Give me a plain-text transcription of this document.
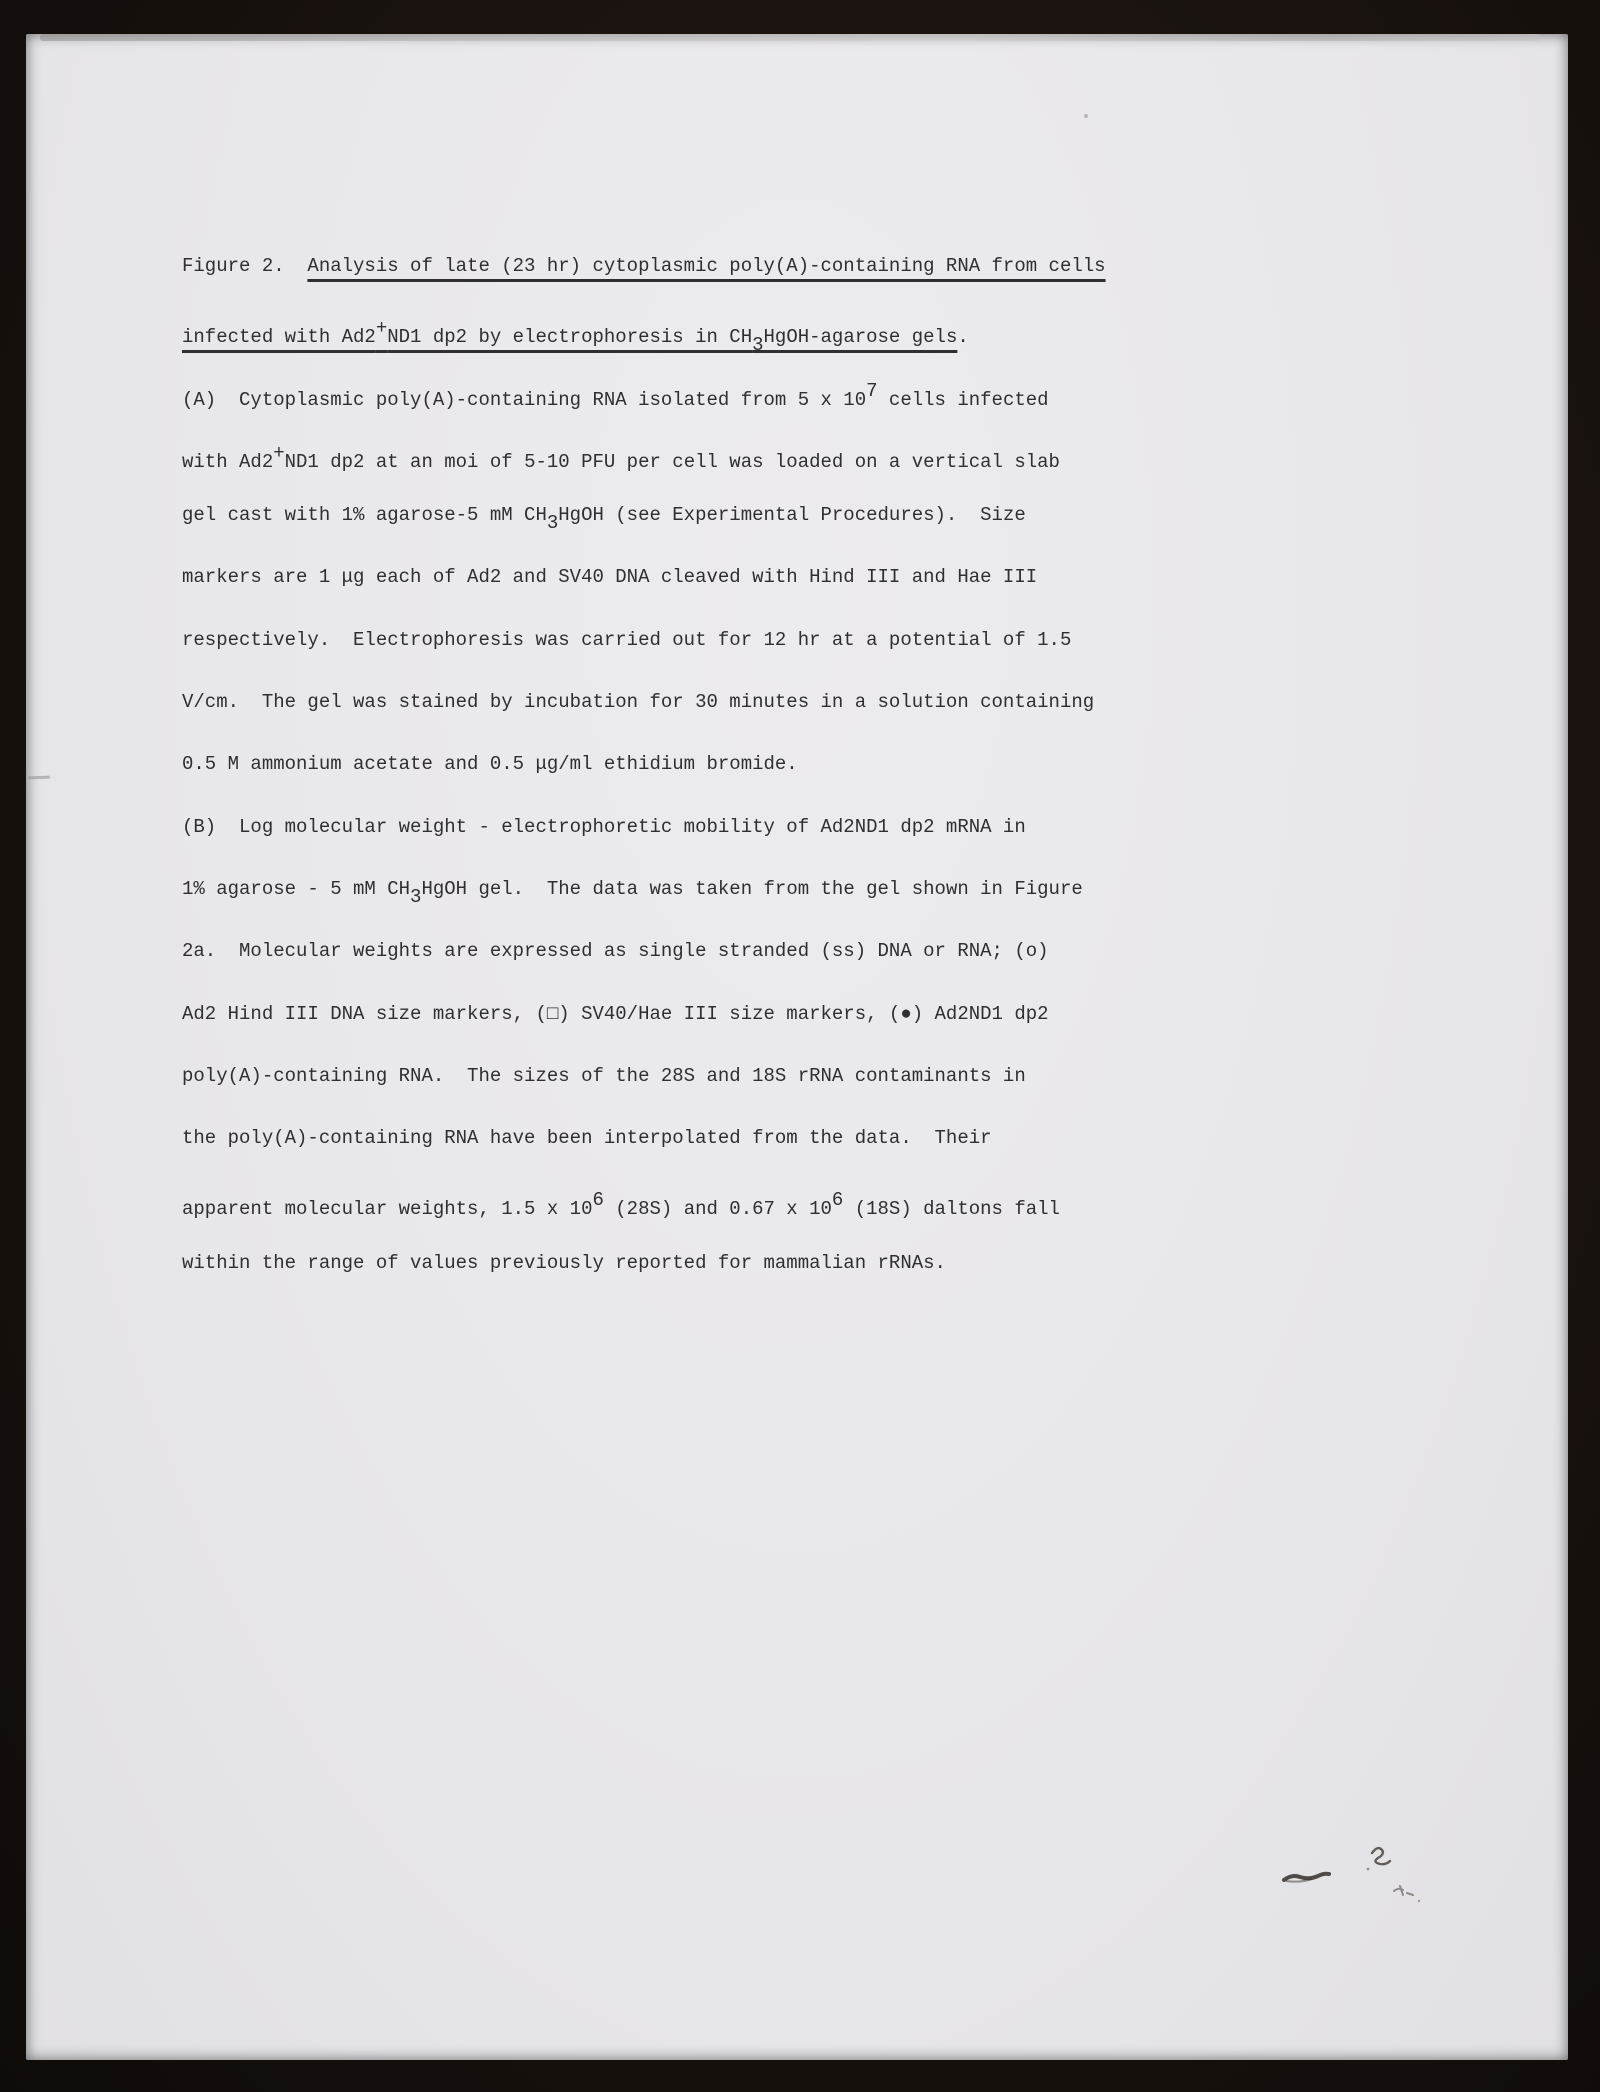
Figure 2.  Analysis of late (23 hr) cytoplasmic poly(A)-containing RNA from cells
infected with Ad2+ND1 dp2 by electrophoresis in CH3HgOH-agarose gels.
(A)  Cytoplasmic poly(A)-containing RNA isolated from 5 x 107 cells infected
with Ad2+ND1 dp2 at an moi of 5-10 PFU per cell was loaded on a vertical slab
gel cast with 1% agarose-5 mM CH3HgOH (see Experimental Procedures).  Size
markers are 1 μg each of Ad2 and SV40 DNA cleaved with Hind III and Hae III
respectively.  Electrophoresis was carried out for 12 hr at a potential of 1.5
V/cm.  The gel was stained by incubation for 30 minutes in a solution containing
0.5 M ammonium acetate and 0.5 μg/ml ethidium bromide.
(B)  Log molecular weight - electrophoretic mobility of Ad2ND1 dp2 mRNA in
1% agarose - 5 mM CH3HgOH gel.  The data was taken from the gel shown in Figure
2a.  Molecular weights are expressed as single stranded (ss) DNA or RNA; (o)
Ad2 Hind III DNA size markers, (□) SV40/Hae III size markers, (●) Ad2ND1 dp2
poly(A)-containing RNA.  The sizes of the 28S and 18S rRNA contaminants in
the poly(A)-containing RNA have been interpolated from the data.  Their
apparent molecular weights, 1.5 x 106 (28S) and 0.67 x 106 (18S) daltons fall
within the range of values previously reported for mammalian rRNAs.
